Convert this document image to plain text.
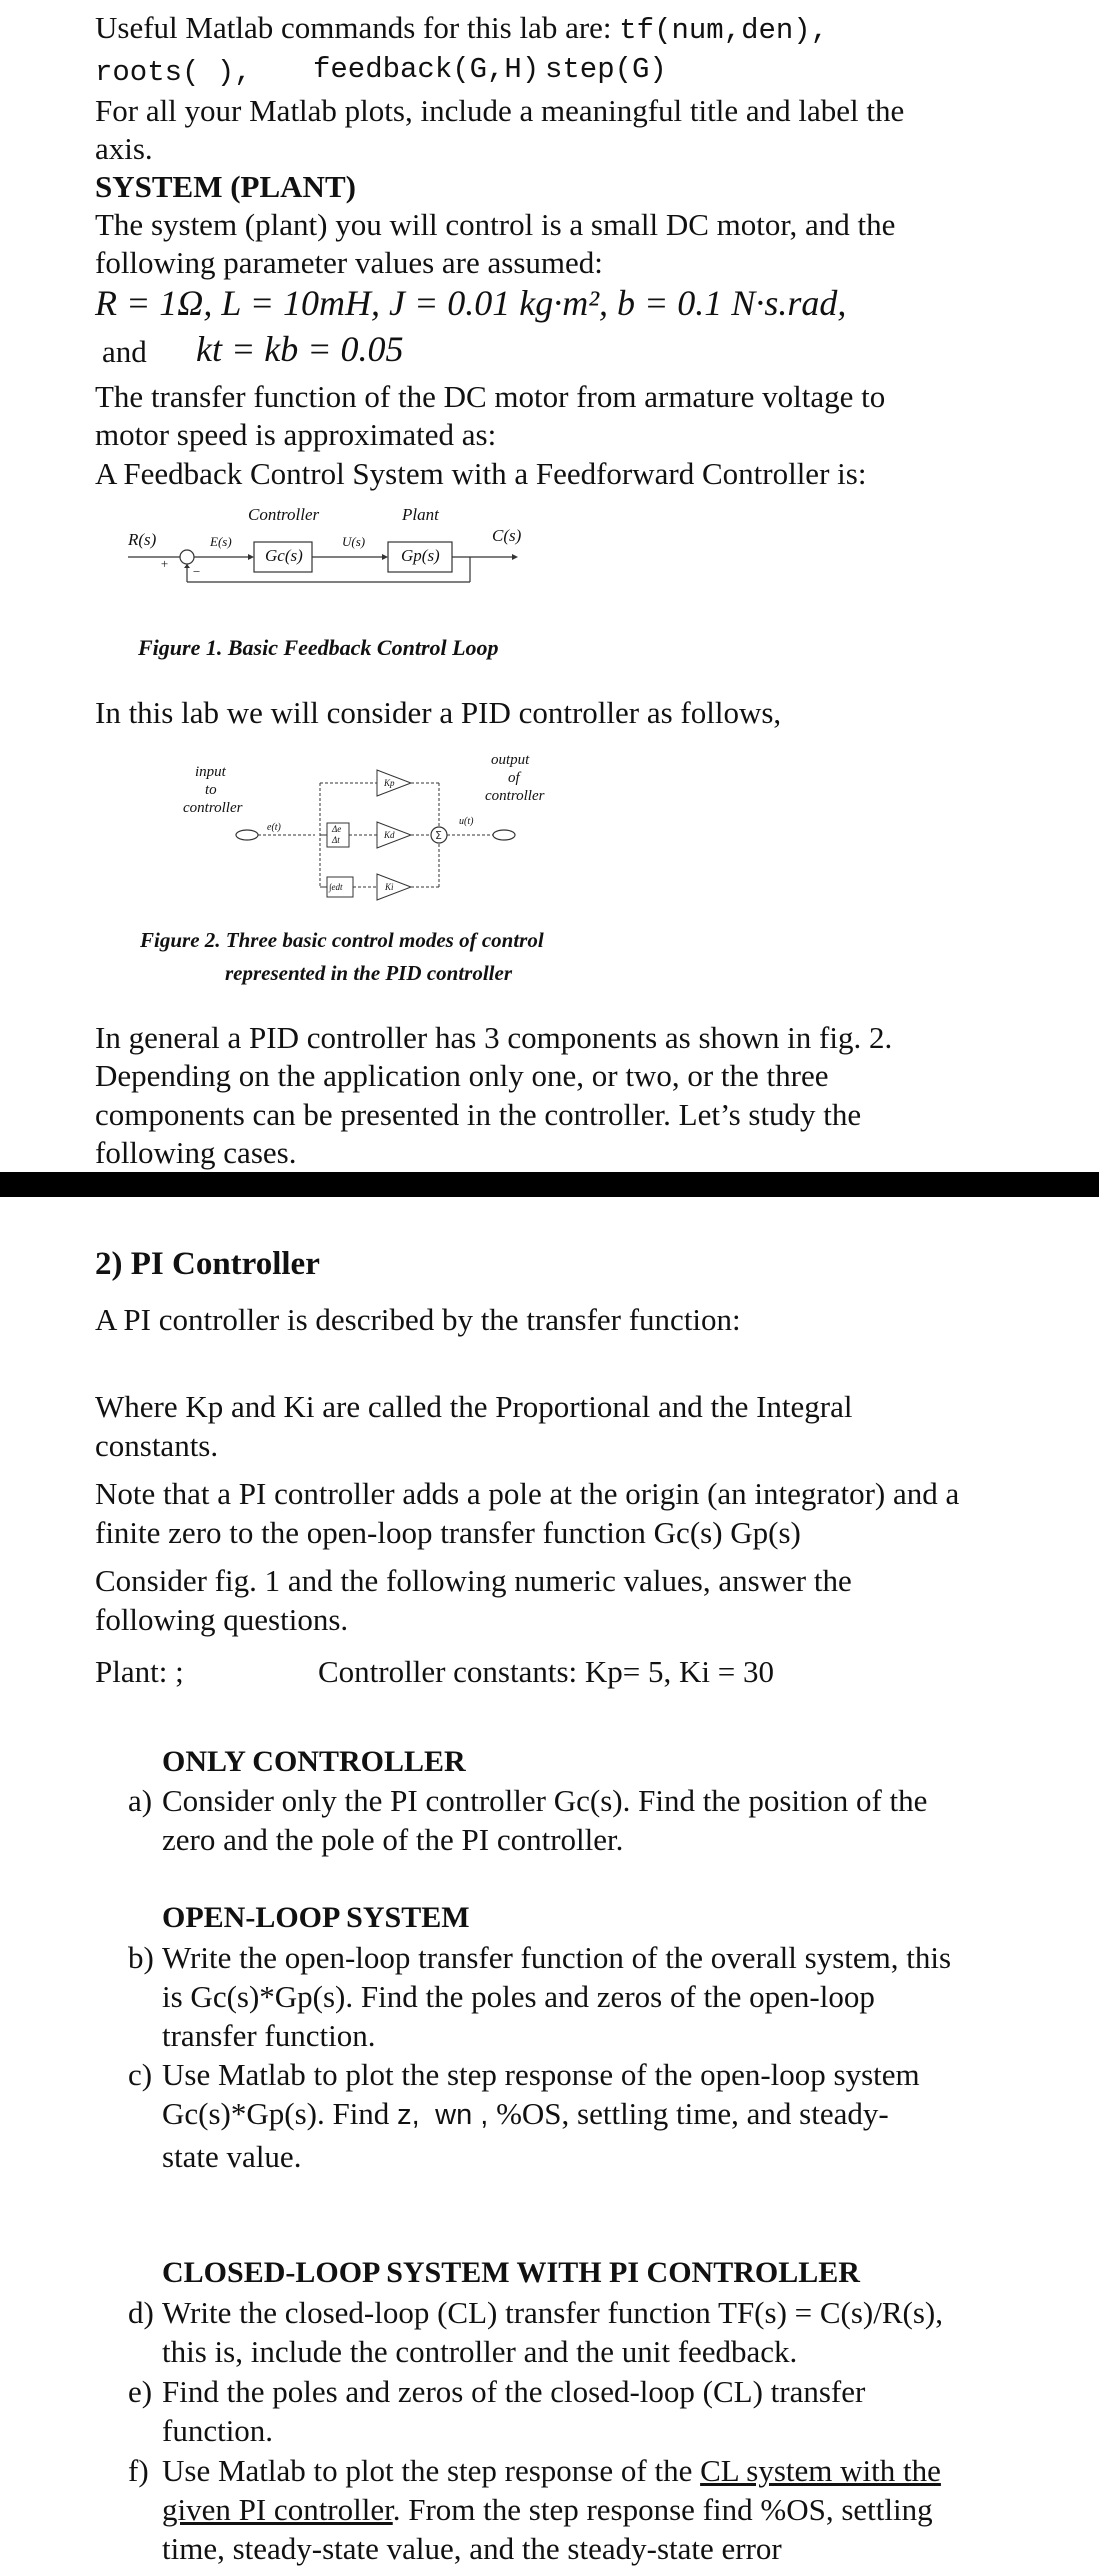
Useful Matlab commands for this lab are: tf(num,den),
roots( ), feedback(G,H) step(G)
For all your Matlab plots, include a meaningful title and label the
axis.
SYSTEM (PLANT)
The system (plant) you will control is a small DC motor, and the
following parameter values are assumed:
R = 1Ω, L = 10mH, J = 0.01 kg·m², b = 0.1 N·s.rad,
and kt = kb = 0.05
The transfer function of the DC motor from armature voltage to
motor speed is approximated as:
A Feedback Control System with a Feedforward Controller is:
Controller	Plant
R(s)	E(s)	U(s)	C(s)
Gc(s)	Gp(s)
+
−
Figure 1. Basic Feedback Control Loop
In this lab we will consider a PID controller as follows,
Σ
input
to
controller
output
of
controller
e(t)
u(t)
Kp
Kd
Ki
Δe
Δt
∫edt
Figure 2. Three basic control modes of control
represented in the PID controller
In general a PID controller has 3 components as shown in fig. 2.
Depending on the application only one, or two, or the three
components can be presented in the controller. Let’s study the
following cases.
2) PI Controller
A PI controller is described by the transfer function:
Where Kp and Ki are called the Proportional and the Integral
constants.
Note that a PI controller adds a pole at the origin (an integrator) and a
finite zero to the open-loop transfer function Gc(s) Gp(s)
Consider fig. 1 and the following numeric values, answer the
following questions.
Plant: ;	Controller constants: Kp= 5, Ki = 30
ONLY CONTROLLER
a) Consider only the PI controller Gc(s). Find the position of the
zero and the pole of the PI controller.
OPEN-LOOP SYSTEM
b) Write the open-loop transfer function of the overall system, this
is Gc(s)*Gp(s). Find the poles and zeros of the open-loop
transfer function.
c) Use Matlab to plot the step response of the open-loop system
Gc(s)*Gp(s). Find z, wn , %OS, settling time, and steady-
state value.
CLOSED-LOOP SYSTEM WITH PI CONTROLLER
d) Write the closed-loop (CL) transfer function TF(s) = C(s)/R(s),
this is, include the controller and the unit feedback.
e) Find the poles and zeros of the closed-loop (CL) transfer
function.
f) Use Matlab to plot the step response of the CL system with the
given PI controller. From the step response find %OS, settling
time, steady-state value, and the steady-state error
